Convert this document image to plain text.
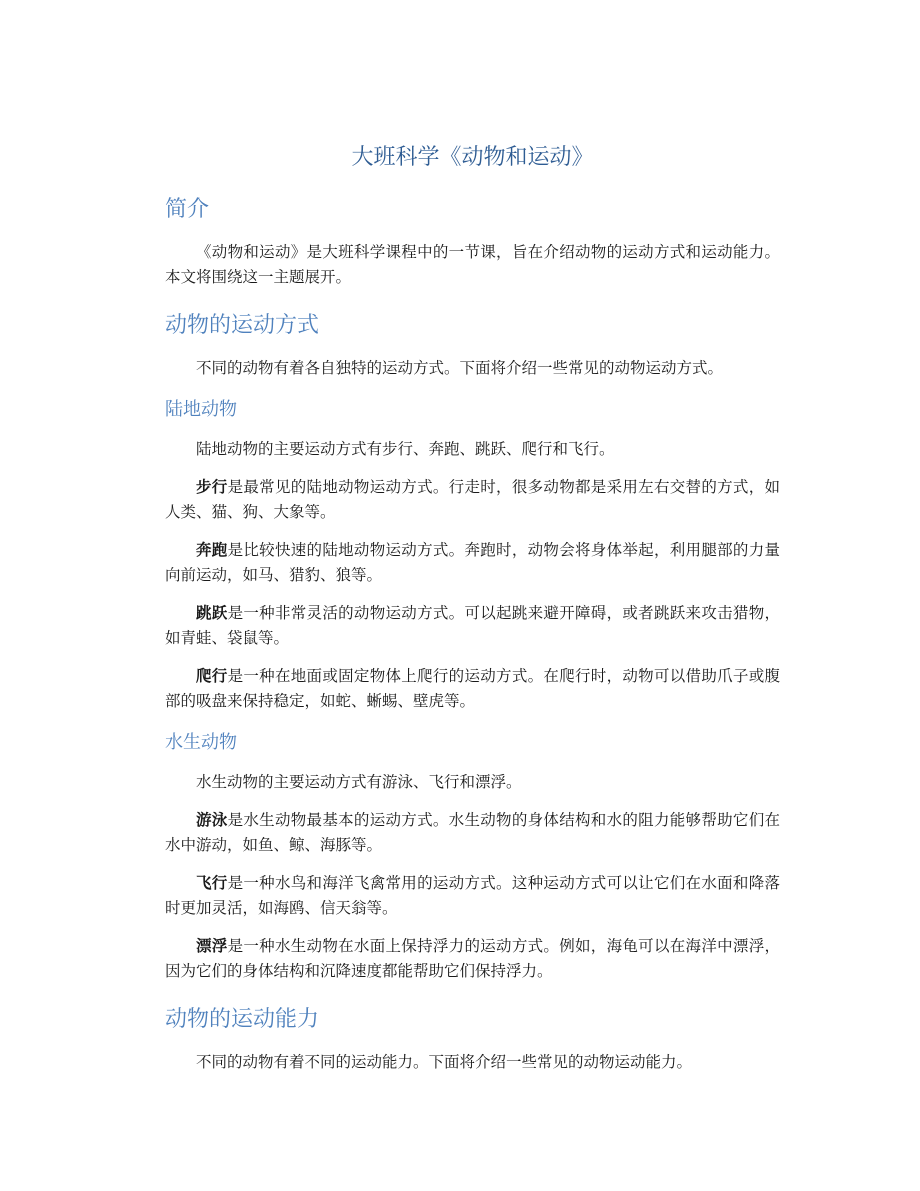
大班科学《动物和运动》
简介

《动物和运动》是大班科学课程中的一节课，旨在介绍动物的运动方式和运动能力。本文将围绕这一主题展开。

动物的运动方式

不同的动物有着各自独特的运动方式。下面将介绍一些常见的动物运动方式。

陆地动物

陆地动物的主要运动方式有步行、奔跑、跳跃、爬行和飞行。

步行是最常见的陆地动物运动方式。行走时，很多动物都是采用左右交替的方式，如人类、猫、狗、大象等。

奔跑是比较快速的陆地动物运动方式。奔跑时，动物会将身体举起，利用腿部的力量向前运动，如马、猎豹、狼等。

跳跃是一种非常灵活的动物运动方式。可以起跳来避开障碍，或者跳跃来攻击猎物，如青蛙、袋鼠等。

爬行是一种在地面或固定物体上爬行的运动方式。在爬行时，动物可以借助爪子或腹部的吸盘来保持稳定，如蛇、蜥蜴、壁虎等。

水生动物

水生动物的主要运动方式有游泳、飞行和漂浮。

游泳是水生动物最基本的运动方式。水生动物的身体结构和水的阻力能够帮助它们在水中游动，如鱼、鲸、海豚等。

飞行是一种水鸟和海洋飞禽常用的运动方式。这种运动方式可以让它们在水面和降落时更加灵活，如海鸥、信天翁等。

漂浮是一种水生动物在水面上保持浮力的运动方式。例如，海龟可以在海洋中漂浮，因为它们的身体结构和沉降速度都能帮助它们保持浮力。

动物的运动能力

不同的动物有着不同的运动能力。下面将介绍一些常见的动物运动能力。
